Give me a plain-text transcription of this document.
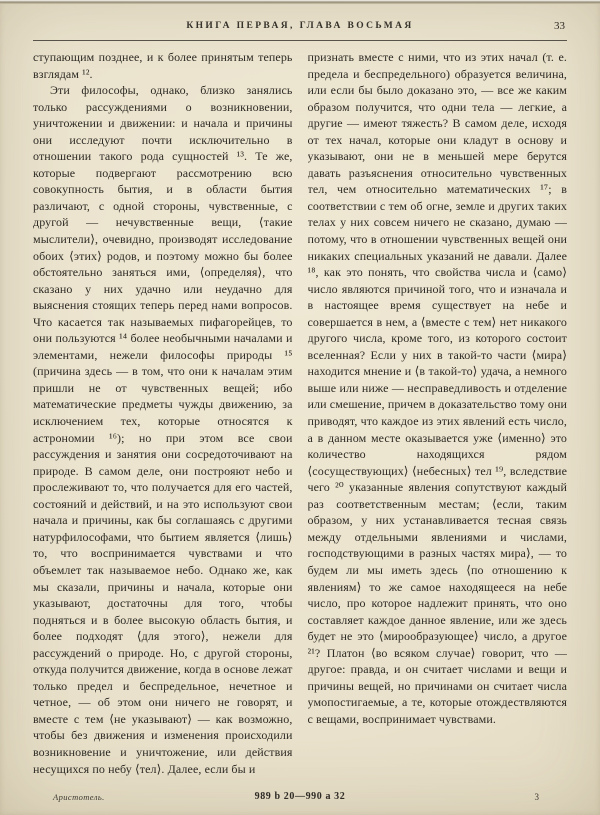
КНИГА ПЕРВАЯ, ГЛАВА ВОСЬМАЯ	33

ступающим позднее, и к более принятым теперь взглядам ¹².

Эти философы, однако, близко занялись только рассуждениями о возникновении, уничтожении и движении: и начала и причины они исследуют почти исключительно в отношении такого рода сущностей ¹³. Те же, которые подвергают рассмотрению всю совокупность бытия, и в области бытия различают, с одной стороны, чувственные, с другой — нечувственные вещи, ⟨такие мыслители⟩, очевидно, производят исследование обоих ⟨этих⟩ родов, и поэтому можно бы более обстоятельно заняться ими, ⟨определяя⟩, что сказано у них удачно или неудачно для выяснения стоящих теперь перед нами вопросов. Что касается так называемых пифагорейцев, то они пользуются ¹⁴ более необычными началами и элементами, нежели философы природы ¹⁵ (причина здесь — в том, что они к началам этим пришли не от чувственных вещей; ибо математические предметы чужды движению, за исключением тех, которые относятся к астрономии ¹⁶); но при этом все свои рассуждения и занятия они сосредоточивают на природе. В самом деле, они построяют небо и прослеживают то, что получается для его частей, состояний и действий, и на это используют свои начала и причины, как бы соглашаясь с другими натурфилософами, что бытием является ⟨лишь⟩ то, что воспринимается чувствами и что объемлет так называемое небо. Однако же, как мы сказали, причины и начала, которые они указывают, достаточны для того, чтобы подняться и в более высокую область бытия, и более подходят ⟨для этого⟩, нежели для рассуждений о природе. Но, с другой стороны, откуда получится движение, когда в основе лежат только предел и беспредельное, нечетное и четное, — об этом они ничего не говорят, и вместе с тем ⟨не указывают⟩ — как возможно, чтобы без движения и изменения происходили возникновение и уничтожение, или действия несущихся по небу ⟨тел⟩. Далее, если бы и

признать вместе с ними, что из этих начал (т. е. предела и беспредельного) образуется величина, или если бы было доказано это, — все же каким образом получится, что одни тела — легкие, а другие — имеют тяжесть? В самом деле, исходя от тех начал, которые они кладут в основу и указывают, они не в меньшей мере берутся давать разъяснения относительно чувственных тел, чем относительно математических ¹⁷; в соответствии с тем об огне, земле и других таких телах у них совсем ничего не сказано, думаю — потому, что в отношении чувственных вещей они никаких специальных указаний не давали. Далее ¹⁸, как это понять, что свойства числа и ⟨само⟩ число являются причиной того, что и изначала и в настоящее время существует на небе и совершается в нем, а ⟨вместе с тем⟩ нет никакого другого числа, кроме того, из которого состоит вселенная? Если у них в такой-то части ⟨мира⟩ находится мнение и ⟨в такой-то⟩ удача, а немного выше или ниже — несправедливость и отделение или смешение, причем в доказательство тому они приводят, что каждое из этих явлений есть число, а в данном месте оказывается уже ⟨именно⟩ это количество находящихся рядом ⟨сосуществующих⟩ ⟨небесных⟩ тел ¹⁹, вследствие чего ²⁰ указанные явления сопутствуют каждый раз соответственным местам; ⟨если, таким образом, у них устанавливается тесная связь между отдельными явлениями и числами, господствующими в разных частях мира⟩, — то будем ли мы иметь здесь ⟨по отношению к явлениям⟩ то же самое находящееся на небе число, про которое надлежит принять, что оно составляет каждое данное явление, или же здесь будет не это ⟨мирообразующее⟩ число, а другое ²¹? Платон ⟨во всяком случае⟩ говорит, что — другое: правда, и он считает числами и вещи и причины вещей, но причинами он считает числа умопостигаемые, а те, которые отождествляются с вещами, воспринимает чувствами.

Аристотель.	989 b 20—990 a 32	3
